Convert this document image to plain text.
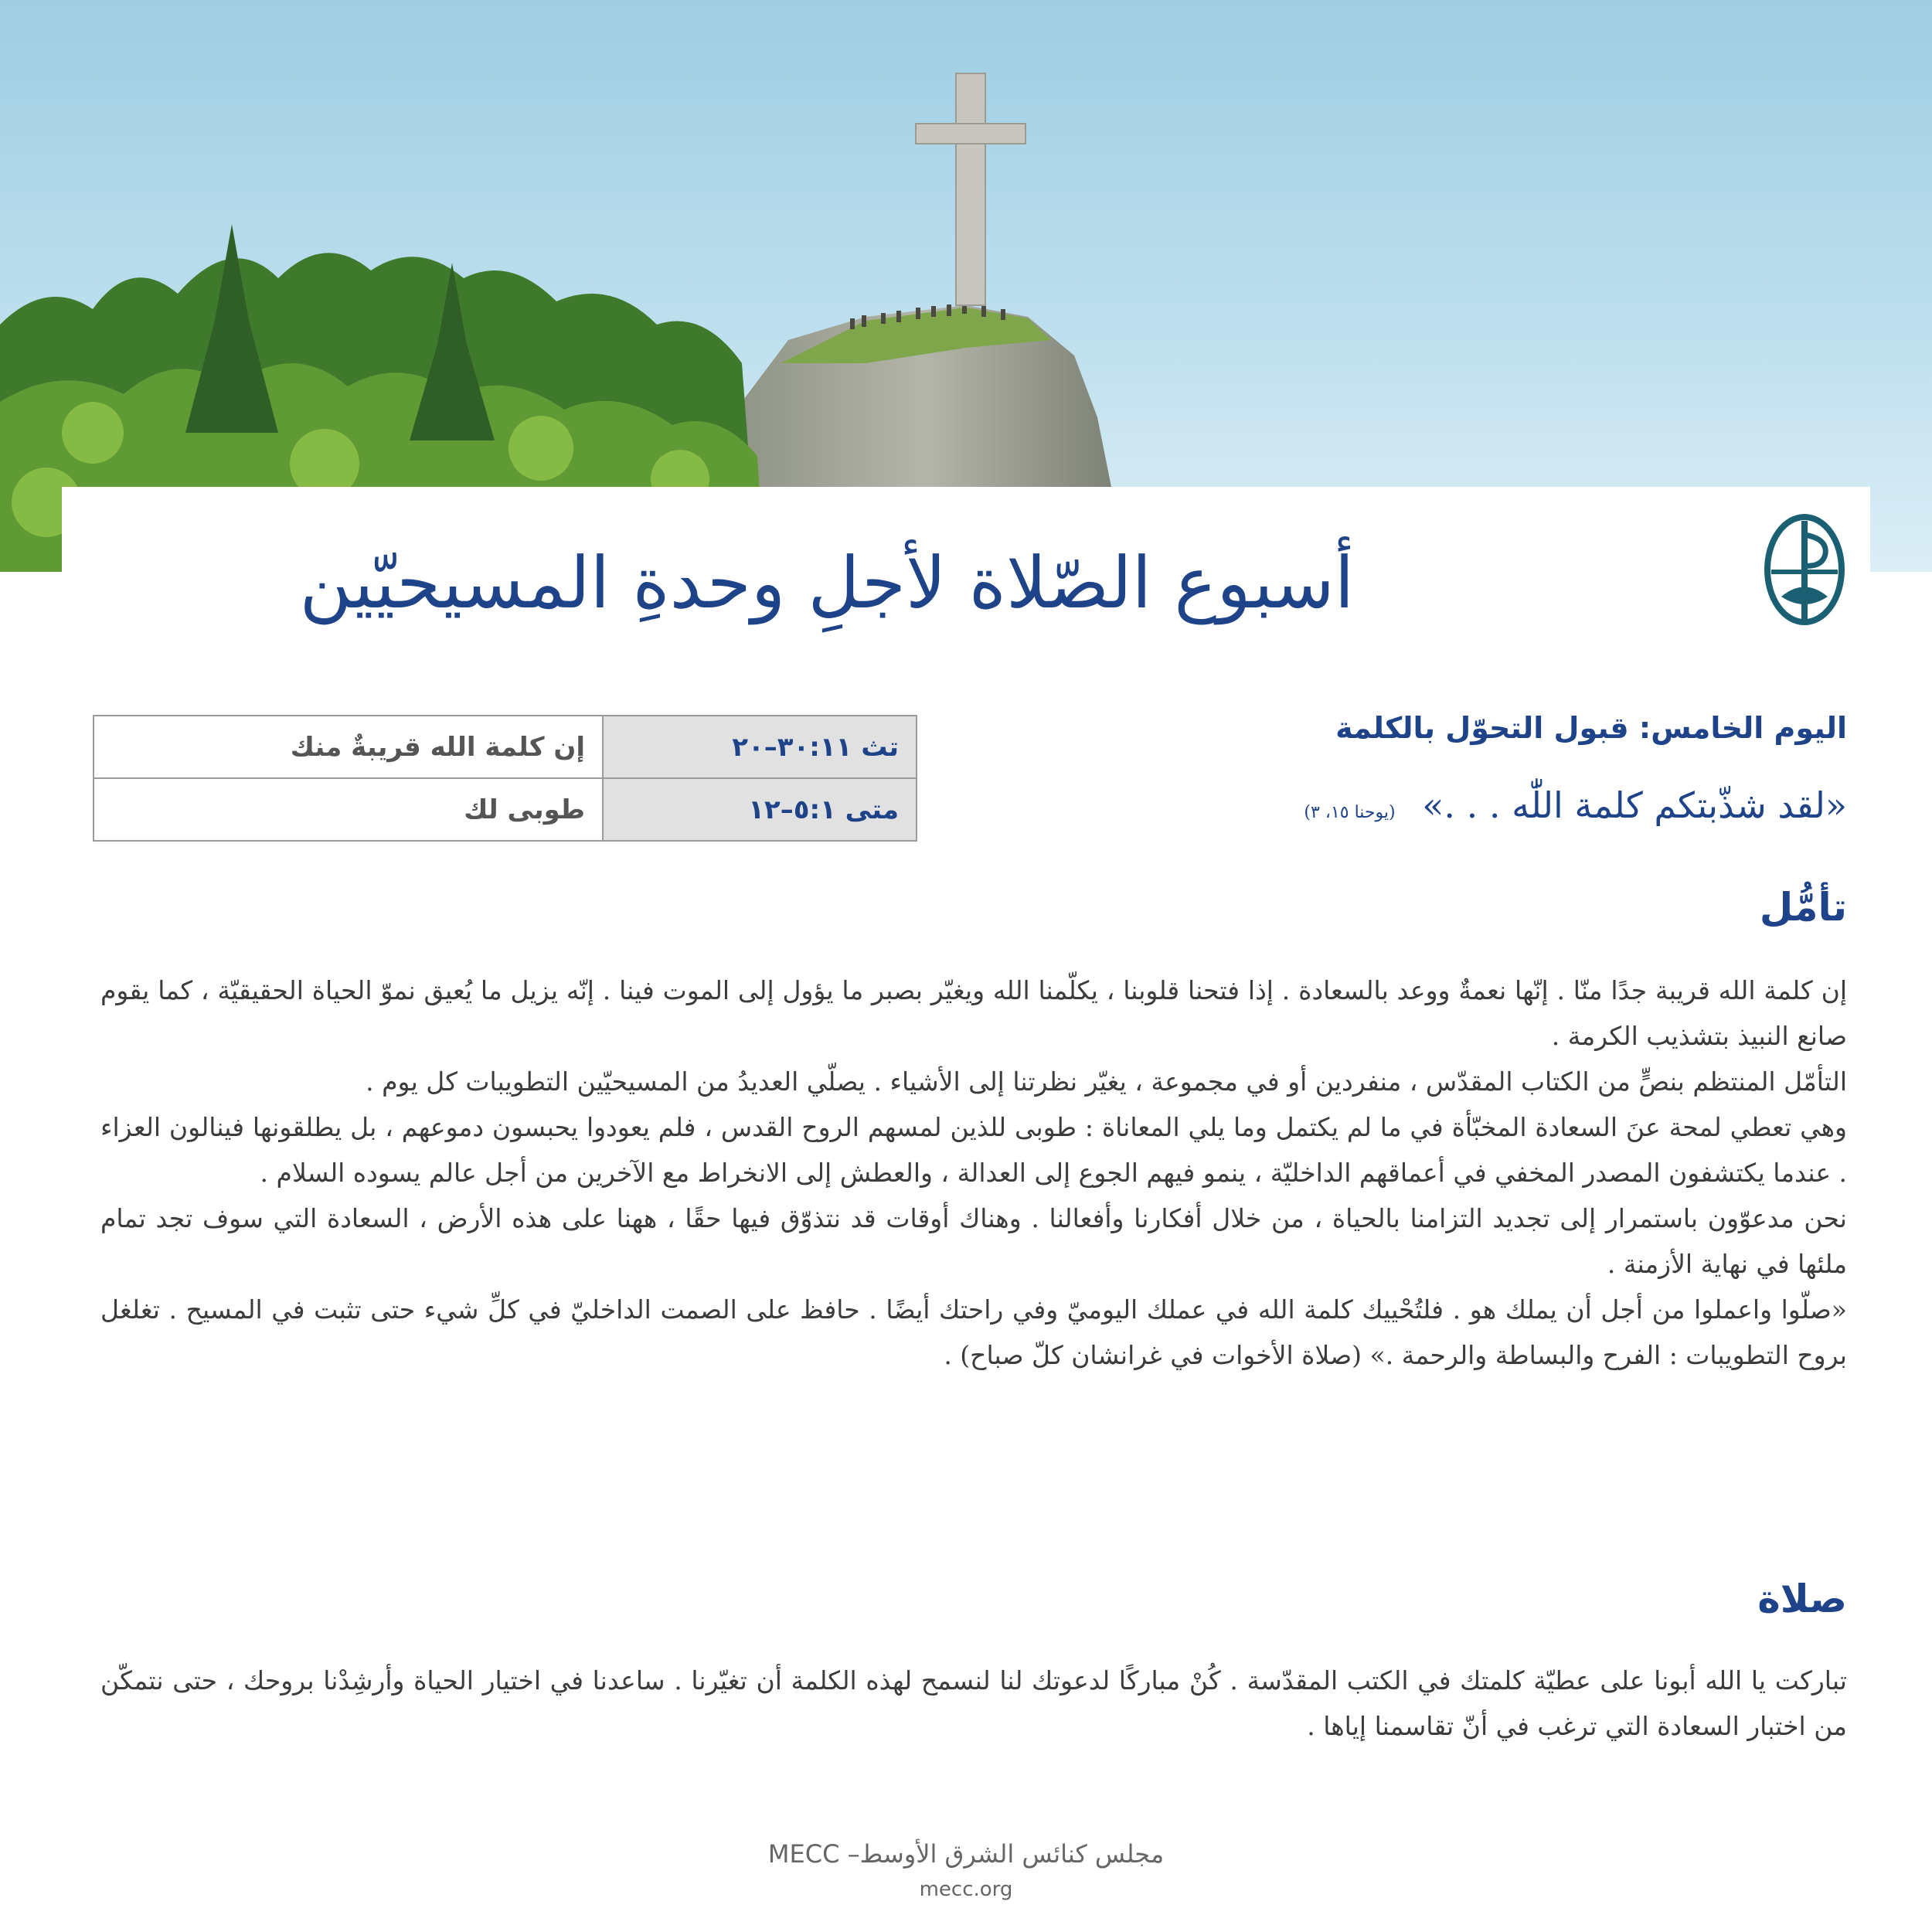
أسبوع الصّلاة لأجلِ وحدةِ المسيحيّين
تث ٣٠:١١–٢٠	إن كلمة الله قريبةٌ منك
متى ٥:١–١٢	طوبى لك
اليوم الخامس: قبول التحوّل بالكلمة
«لقد شذّبتكم كلمة اللّٰه . . .» (يوحنا ١٥، ٣)
تأمُّل

إن كلمة الله قريبة جدًا منّا . إنّها نعمةٌ ووعد بالسعادة . إذا فتحنا قلوبنا ، يكلّمنا الله ويغيّر بصبر ما يؤول إلى الموت فينا . إنّه يزيل ما يُعيق نموّ الحياة الحقيقيّة ، كما يقوم صانع النبيذ بتشذيب الكرمة .

التأمّل المنتظم بنصٍّ من الكتاب المقدّس ، منفردين أو في مجموعة ، يغيّر نظرتنا إلى الأشياء . يصلّي العديدُ من المسيحيّين التطويبات كل يوم .

وهي تعطي لمحة عنَ السعادة المخبّأة في ما لم يكتمل وما يلي المعاناة : طوبى للذين لمسهم الروح القدس ، فلم يعودوا يحبسون دموعهم ، بل يطلقونها فينالون العزاء . عندما يكتشفون المصدر المخفي في أعماقهم الداخليّة ، ينمو فيهم الجوع إلى العدالة ، والعطش إلى الانخراط مع الآخرين من أجل عالم يسوده السلام .

نحن مدعوّون باستمرار إلى تجديد التزامنا بالحياة ، من خلال أفكارنا وأفعالنا . وهناك أوقات قد نتذوّق فيها حقًا ، ههنا على هذه الأرض ، السعادة التي سوف تجد تمام ملئها في نهاية الأزمنة .

«صلّوا واعملوا من أجل أن يملك هو . فلتُحْييك كلمة الله في عملك اليوميّ وفي راحتك أيضًا . حافظ على الصمت الداخليّ في كلِّ شيء حتى تثبت في المسيح . تغلغل بروح التطويبات : الفرح والبساطة والرحمة .» (صلاة الأخوات في غرانشان كلّ صباح) .

صلاة

تباركت يا الله أبونا على عطيّة كلمتك في الكتب المقدّسة . كُنْ مباركًا لدعوتك لنا لنسمح لهذه الكلمة أن تغيّرنا . ساعدنا في اختيار الحياة وأرشِدْنا بروحك ، حتى نتمكّن من اختبار السعادة التي ترغب في أنّ تقاسمنا إياها .

مجلس كنائس الشرق الأوسط– MECC
mecc.org
